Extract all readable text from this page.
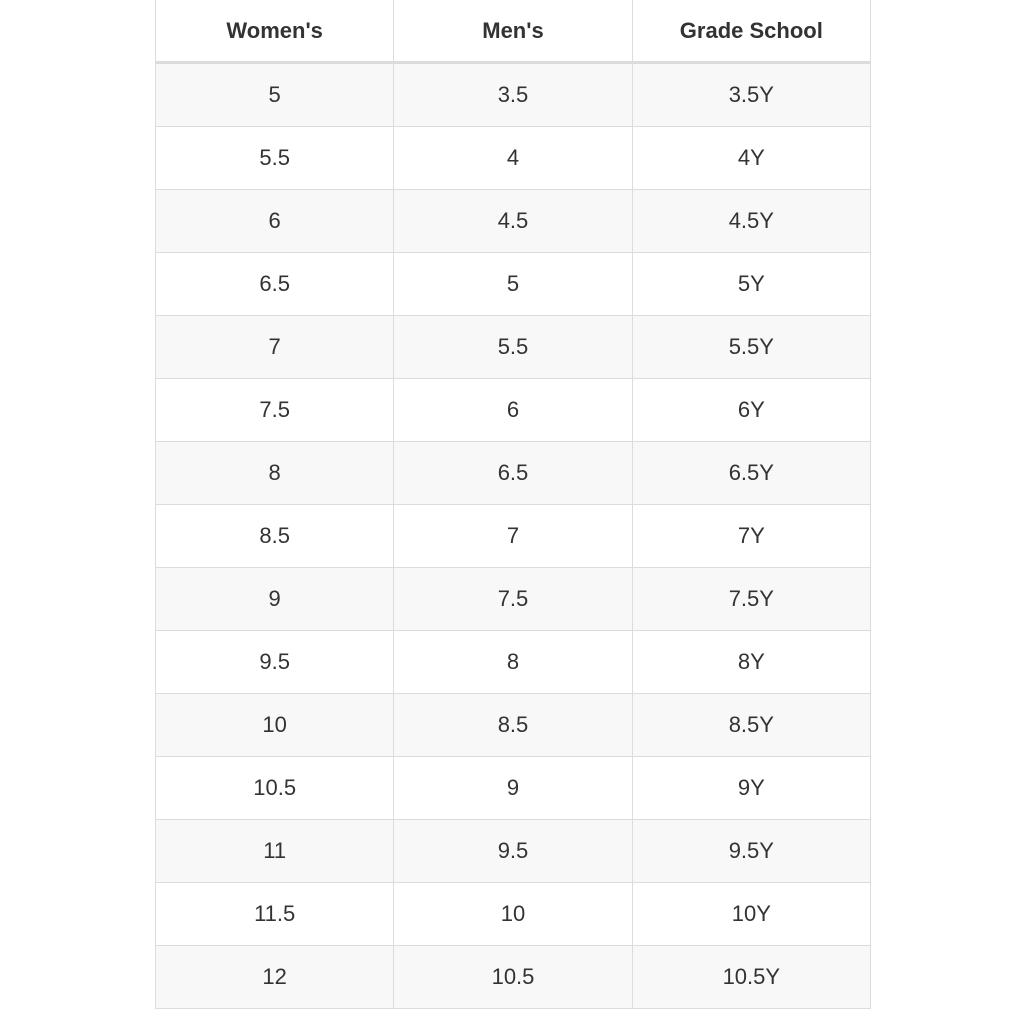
Women's	Men's	Grade School
5	3.5	3.5Y
5.5	4	4Y
6	4.5	4.5Y
6.5	5	5Y
7	5.5	5.5Y
7.5	6	6Y
8	6.5	6.5Y
8.5	7	7Y
9	7.5	7.5Y
9.5	8	8Y
10	8.5	8.5Y
10.5	9	9Y
11	9.5	9.5Y
11.5	10	10Y
12	10.5	10.5Y
